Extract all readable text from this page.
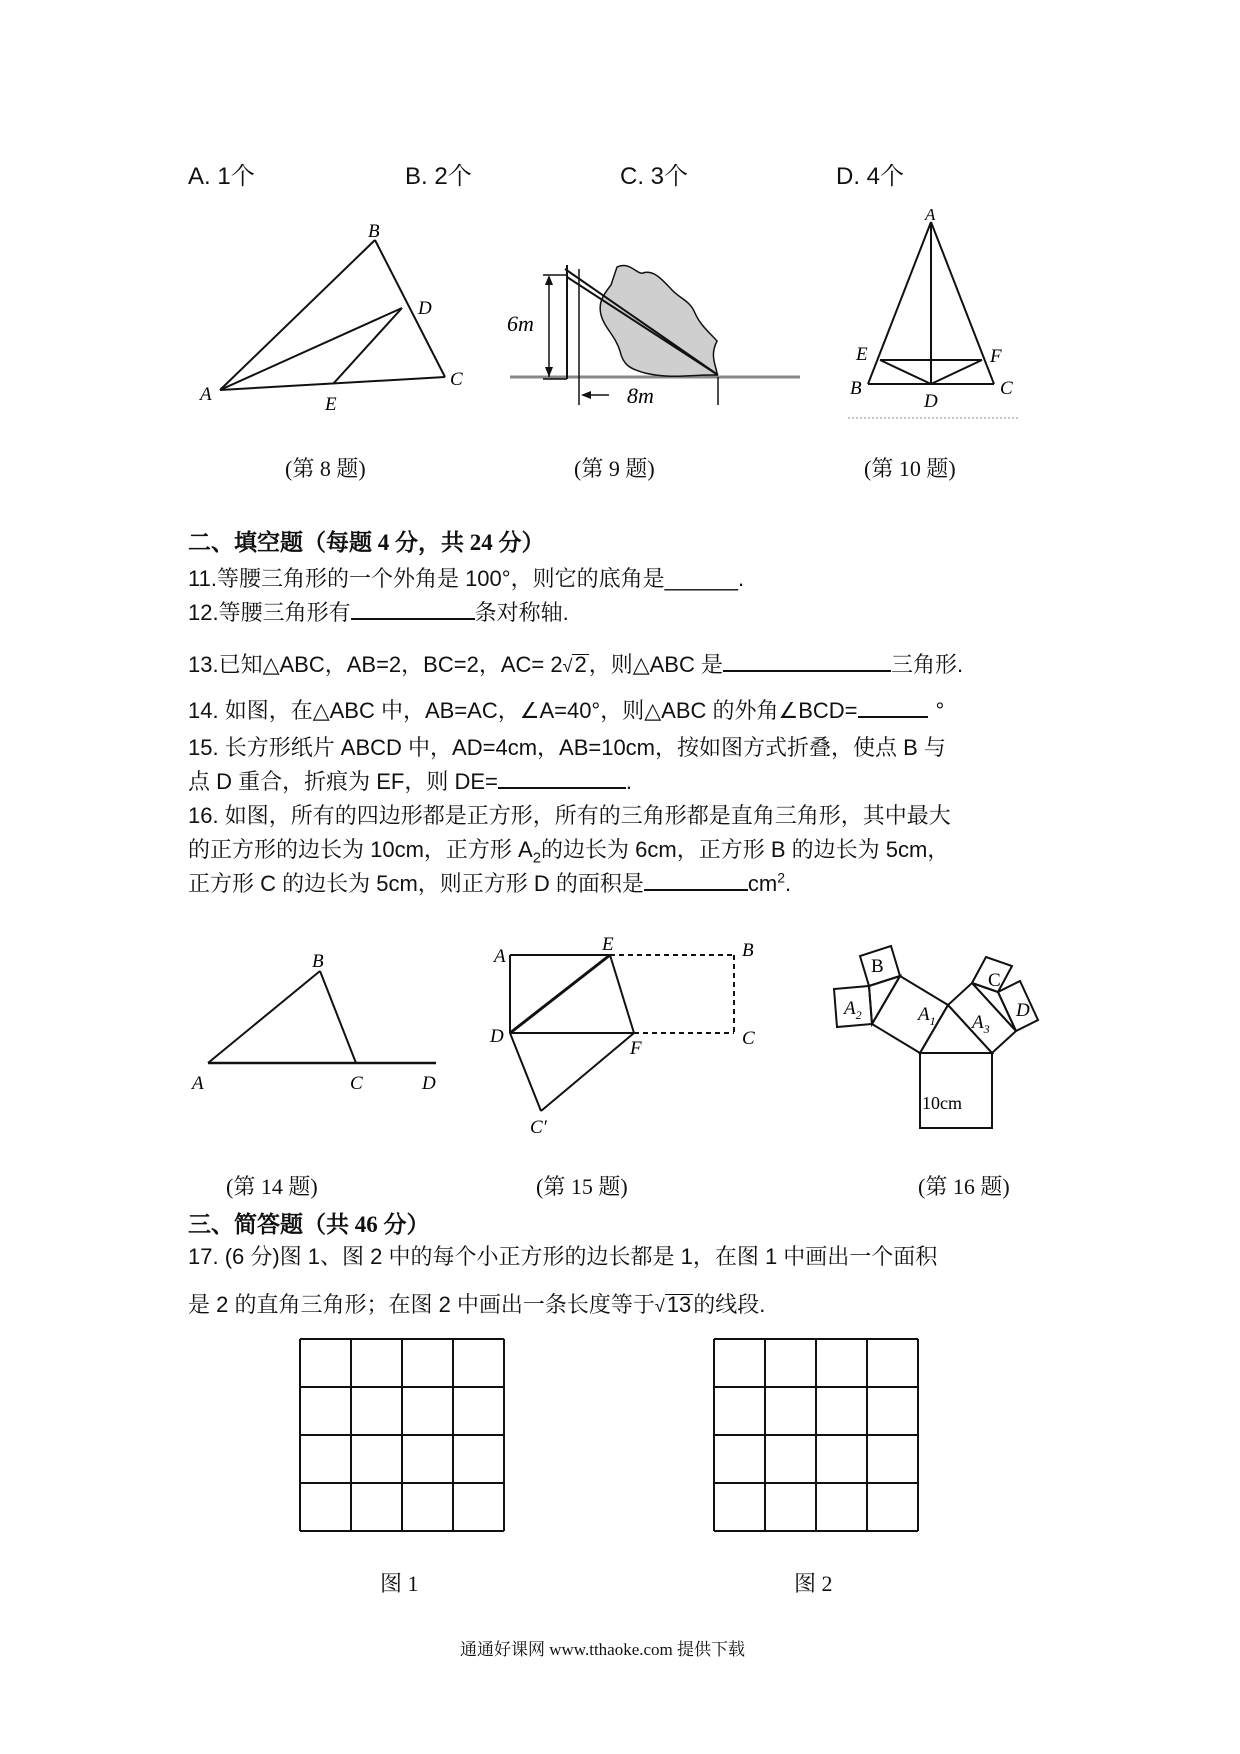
A. 1个	B. 2个	C. 3个	D. 4个
B
D
A	E
C
6m
8m
A
E	F
B
D
C
(第 8 题)	(第 9 题)	(第 10 题)
二、填空题（每题 4 分，共 24 分）
11.等腰三角形的一个外角是 100°，则它的底角是______.
12.等腰三角形有	条对称轴.
13.已知△ABC，AB=2，BC=2，AC= 2√2，则△ABC 是	三角形.
14. 如图，在△ABC 中，AB=AC，∠A=40°，则△ABC 的外角∠BCD=	°
15. 长方形纸片 ABCD 中，AD=4cm，AB=10cm，按如图方式折叠，使点 B 与
点 D 重合，折痕为 EF，则 DE=	.
16. 如图，所有的四边形都是正方形，所有的三角形都是直角三角形，其中最大
的正方形的边长为 10cm，正方形 $A_2$的边长为 6cm，正方形 B 的边长为 5cm，
正方形 C 的边长为 5cm，则正方形 D 的面积是	$cm^2$.
B
A	C	D
A
E	B
D	C
F
C′
10cm
$A_1$
$A_2$	$A_3$
B
C
D
(第 14 题)	(第 15 题)	(第 16 题)
三、简答题（共 46 分）
17. (6 分)图 1、图 2 中的每个小正方形的边长都是 1，在图 1 中画出一个面积
是 2 的直角三角形；在图 2 中画出一条长度等于√13的线段.
图 1	图 2
通通好课网 www.tthaoke.com 提供下载
